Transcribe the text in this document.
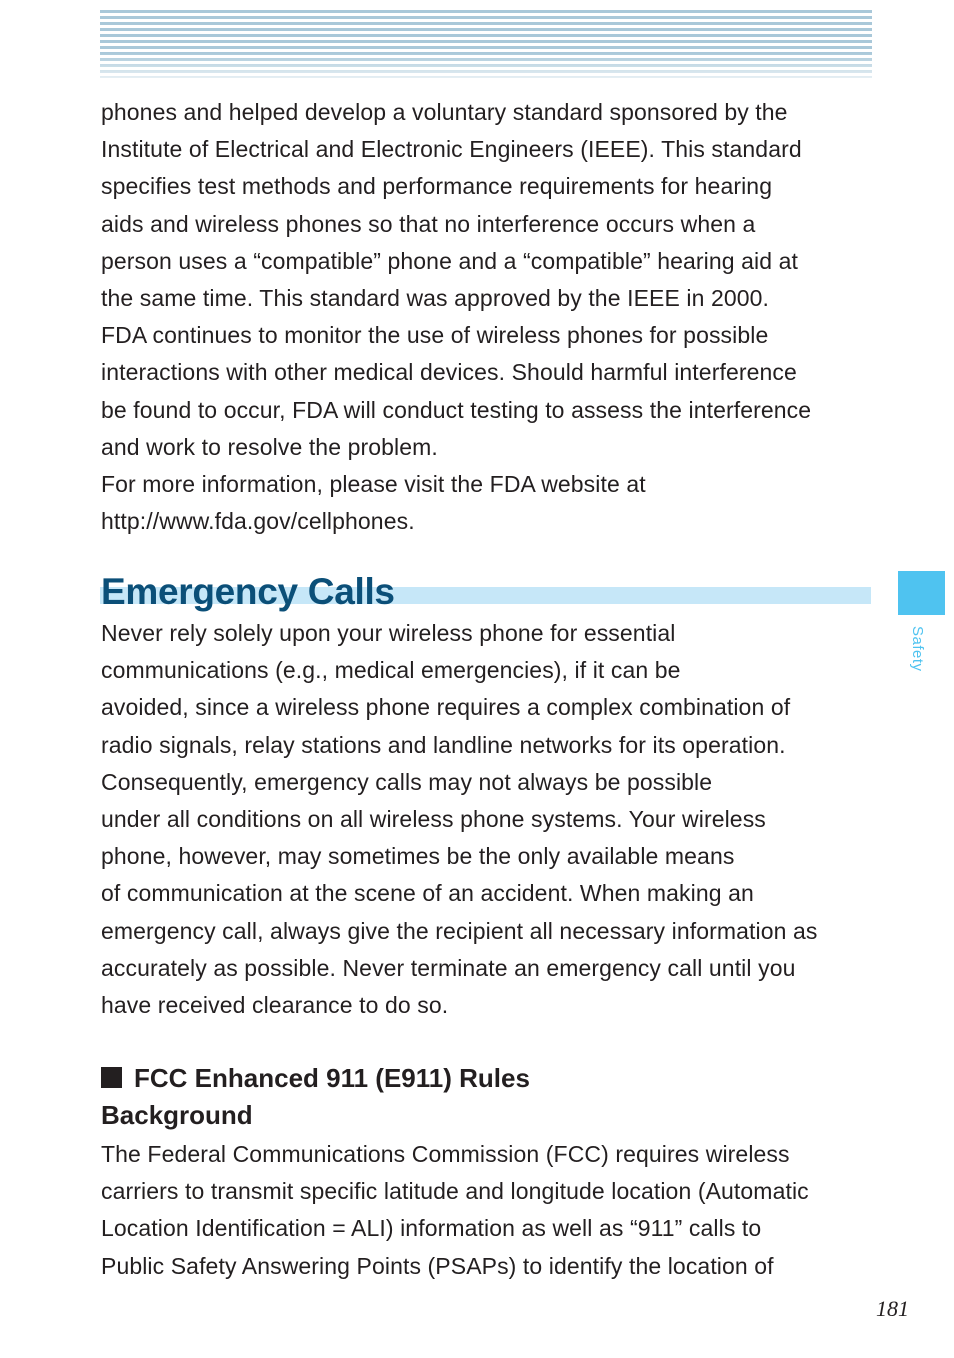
phones and helped develop a voluntary standard sponsored by the
Institute of Electrical and Electronic Engineers (IEEE). This standard
specifies test methods and performance requirements for hearing
aids and wireless phones so that no interference occurs when a
person uses a “compatible” phone and a “compatible” hearing aid at
the same time. This standard was approved by the IEEE in 2000.
FDA continues to monitor the use of wireless phones for possible
interactions with other medical devices. Should harmful interference
be found to occur, FDA will conduct testing to assess the interference
and work to resolve the problem.
For more information, please visit the FDA website at
http://www.fda.gov/cellphones.
Emergency Calls
Safety
Never rely solely upon your wireless phone for essential
communications (e.g., medical emergencies), if it can be
avoided, since a wireless phone requires a complex combination of
radio signals, relay stations and landline networks for its operation.
Consequently, emergency calls may not always be possible
under all conditions on all wireless phone systems. Your wireless
phone, however, may sometimes be the only available means
of communication at the scene of an accident. When making an
emergency call, always give the recipient all necessary information as
accurately as possible. Never terminate an emergency call until you
have received clearance to do so.
FCC Enhanced 911 (E911) Rules
Background
The Federal Communications Commission (FCC) requires wireless
carriers to transmit specific latitude and longitude location (Automatic
Location Identification = ALI) information as well as “911” calls to
Public Safety Answering Points (PSAPs) to identify the location of
181
